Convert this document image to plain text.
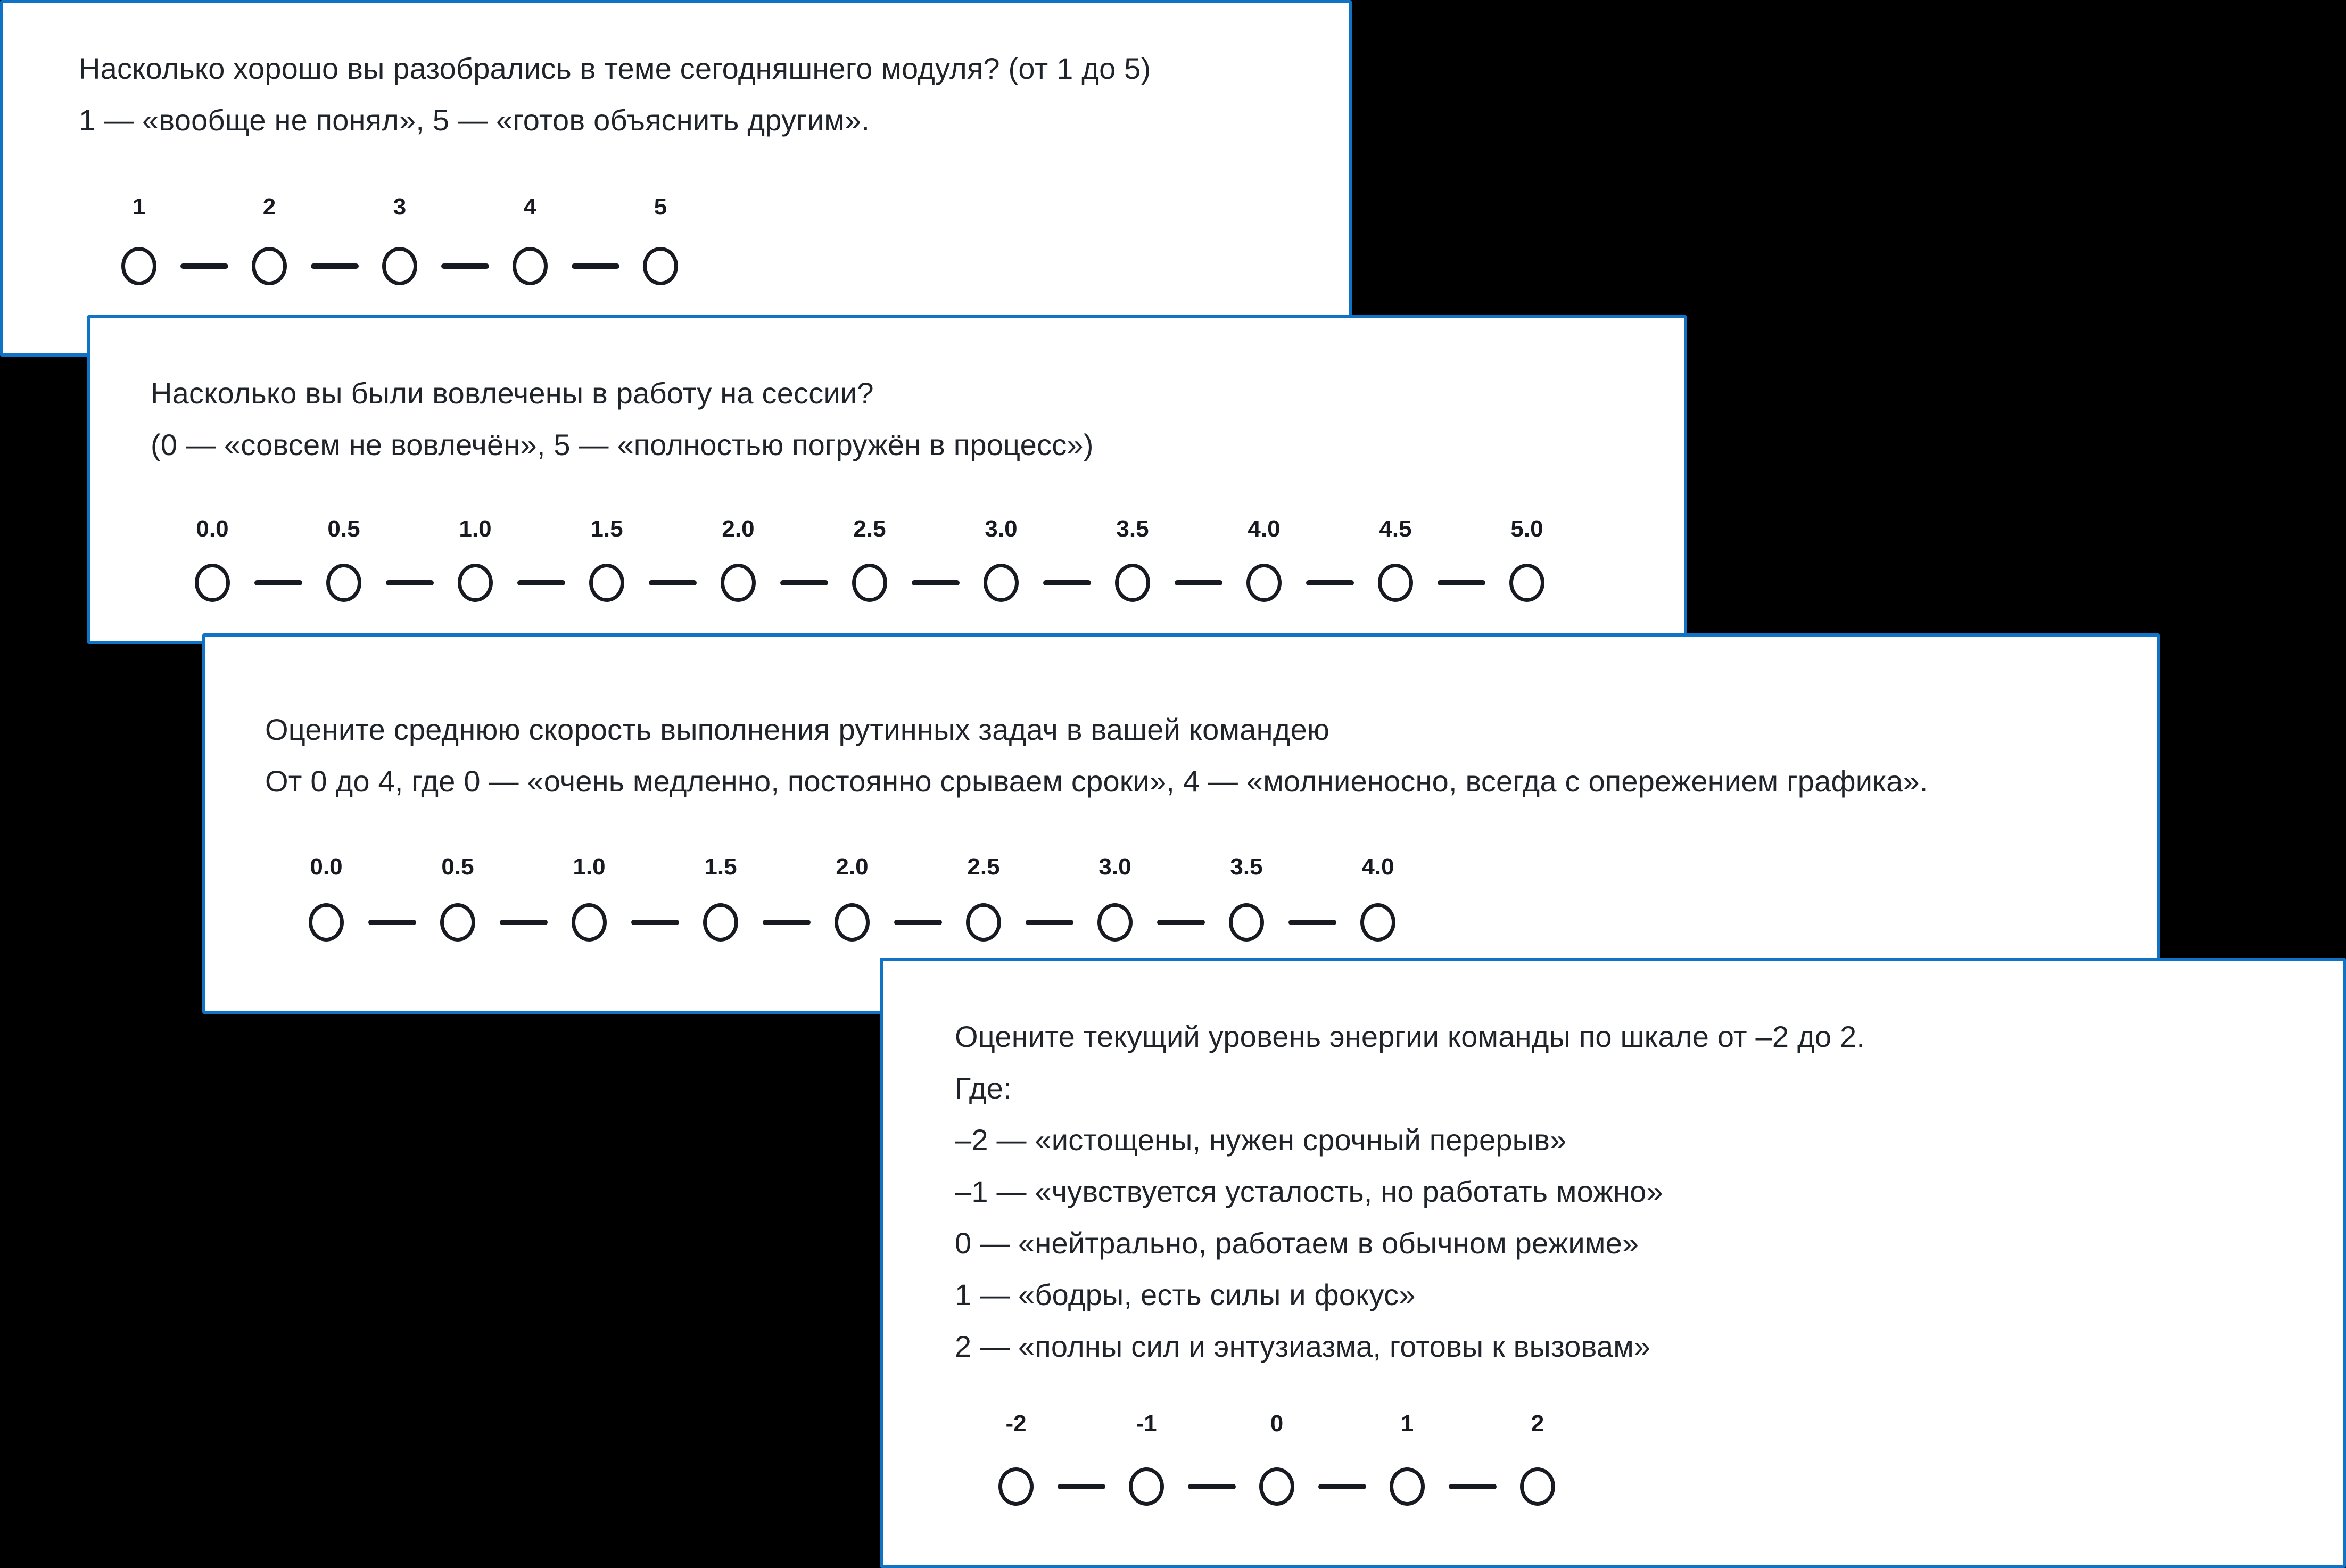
Насколько хорошо вы разобрались в теме сегодняшнего модуля? (от 1 до 5)
1 — «вообще не понял», 5 — «готов объяснить другим».
1	2	3	4	5
Насколько вы были вовлечены в работу на сессии?
(0 — «совсем не вовлечён», 5 — «полностью погружён в процесс»)
0.0	0.5	1.0	1.5	2.0	2.5	3.0	3.5	4.0	4.5	5.0
Оцените среднюю скорость выполнения рутинных задач в вашей командею
От 0 до 4, где 0 — «очень медленно, постоянно срываем сроки», 4 — «молниеносно, всегда с опережением графика».
0.0	0.5	1.0	1.5	2.0	2.5	3.0	3.5	4.0
Оцените текущий уровень энергии команды по шкале от –2 до 2.
Где:
–2 — «истощены, нужен срочный перерыв»
–1 — «чувствуется усталость, но работать можно»
0 — «нейтрально, работаем в обычном режиме»
1 — «бодры, есть силы и фокус»
2 — «полны сил и энтузиазма, готовы к вызовам»
-2	-1	0	1	2
